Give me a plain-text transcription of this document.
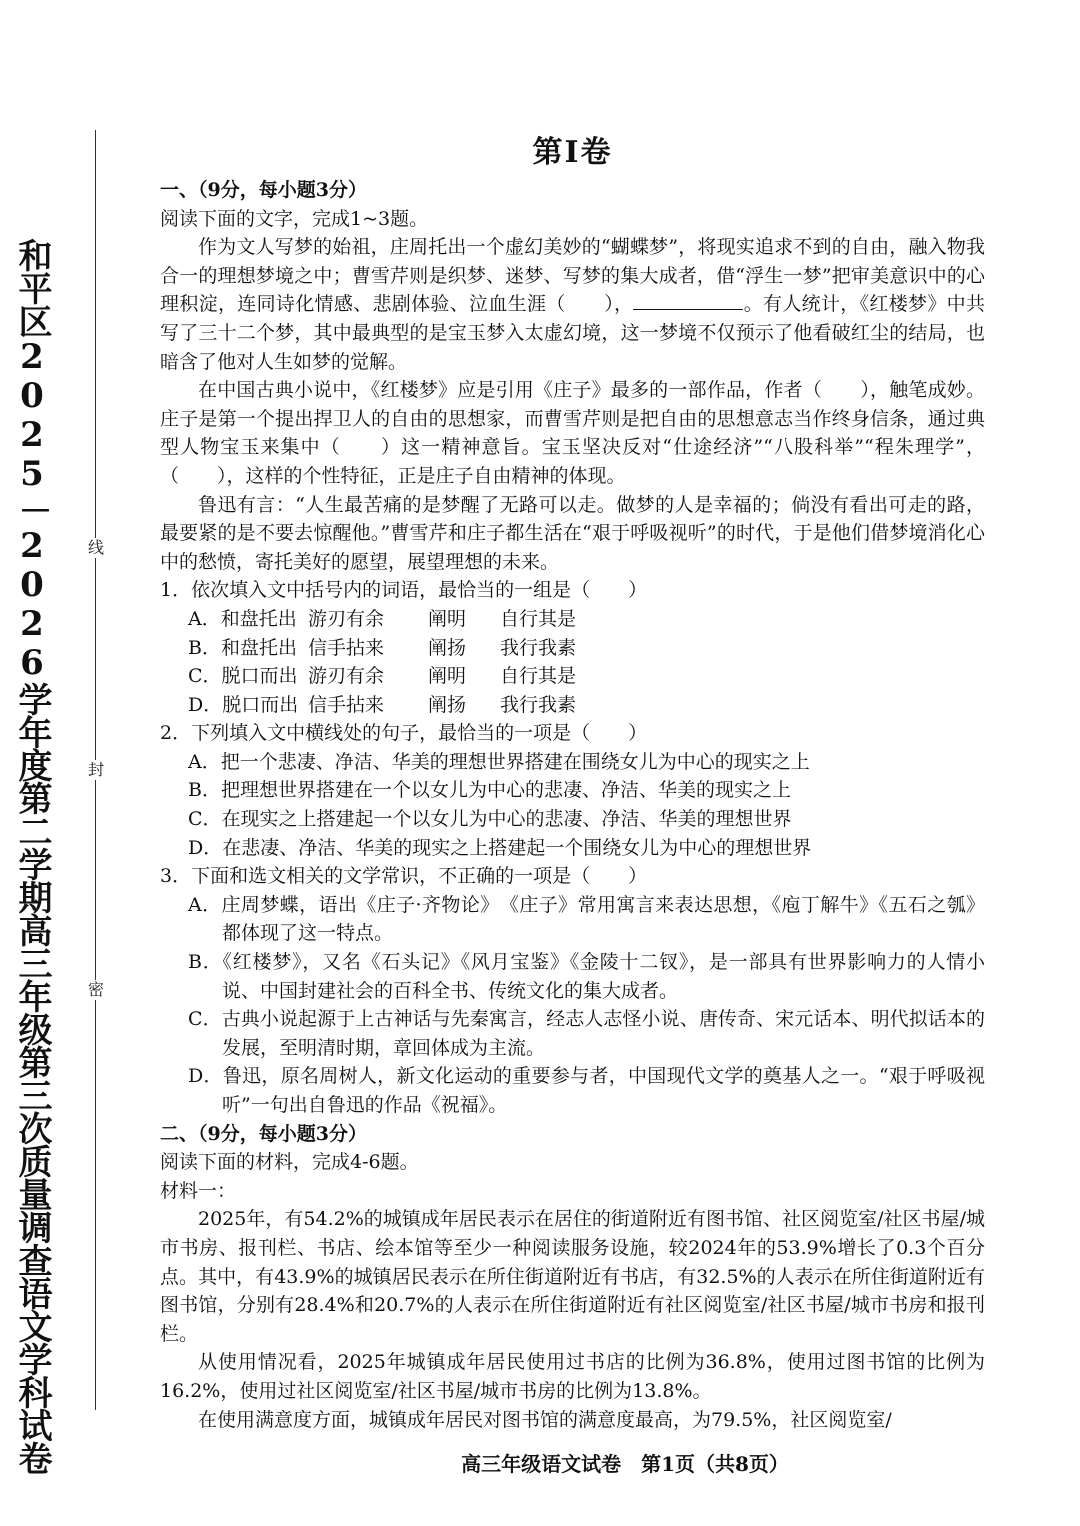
和平区2025－2026学年度第二学期高三年级第三次质量调查语文学科试卷 线
封
密
第Ⅰ卷
一、（9分，每小题3分）

阅读下面的文字，完成1~3题。

作为文人写梦的始祖，庄周托出一个虚幻美妙的“蝴蝶梦”，将现实追求不到的自由，融入物我合一的理想梦境之中；曹雪芹则是织梦、迷梦、写梦的集大成者，借“浮生一梦”把审美意识中的心理积淀，连同诗化情感、悲剧体验、泣血生涯（　　），	。有人统计，《红楼梦》中共写了三十二个梦，其中最典型的是宝玉梦入太虚幻境，这一梦境不仅预示了他看破红尘的结局，也暗含了他对人生如梦的觉解。

在中国古典小说中，《红楼梦》应是引用《庄子》最多的一部作品，作者（　　），触笔成妙。庄子是第一个提出捍卫人的自由的思想家，而曹雪芹则是把自由的思想意志当作终身信条，通过典型人物宝玉来集中（　　）这一精神意旨。宝玉坚决反对“仕途经济”“八股科举”“程朱理学”，（　　），这样的个性特征，正是庄子自由精神的体现。

鲁迅有言：“人生最苦痛的是梦醒了无路可以走。做梦的人是幸福的；倘没有看出可走的路，最要紧的是不要去惊醒他。”曹雪芹和庄子都生活在“艰于呼吸视听”的时代，于是他们借梦境消化心中的愁愤，寄托美好的愿望，展望理想的未来。

1．依次填入文中括号内的词语，最恰当的一组是（　　）
A．和盘托出 游刃有余 阐明 自行其是
B．和盘托出 信手拈来 阐扬 我行我素
C．脱口而出 游刃有余 阐明 自行其是
D．脱口而出 信手拈来 阐扬 我行我素
2．下列填入文中横线处的句子，最恰当的一项是（　　）
A．把一个悲凄、净洁、华美的理想世界搭建在围绕女儿为中心的现实之上
B．把理想世界搭建在一个以女儿为中心的悲凄、净洁、华美的现实之上
C．在现实之上搭建起一个以女儿为中心的悲凄、净洁、华美的理想世界
D．在悲凄、净洁、华美的现实之上搭建起一个围绕女儿为中心的理想世界
3．下面和选文相关的文学常识，不正确的一项是（　　）

A．庄周梦蝶，语出《庄子·齐物论》　《庄子》常用寓言来表达思想，《庖丁解牛》《五石之瓠》都体现了这一特点。

B．《红楼梦》，又名《石头记》《风月宝鉴》《金陵十二钗》，是一部具有世界影响力的人情小说、中国封建社会的百科全书、传统文化的集大成者。

C．古典小说起源于上古神话与先秦寓言，经志人志怪小说、唐传奇、宋元话本、明代拟话本的发展，至明清时期，章回体成为主流。

D．鲁迅，原名周树人，新文化运动的重要参与者，中国现代文学的奠基人之一。“艰于呼吸视听”一句出自鲁迅的作品《祝福》。

二、（9分，每小题3分）

阅读下面的材料，完成4-6题。

材料一：

2025年，有54.2%的城镇成年居民表示在居住的街道附近有图书馆、社区阅览室/社区书屋/城市书房、报刊栏、书店、绘本馆等至少一种阅读服务设施，较2024年的53.9%增长了0.3个百分点。其中，有43.9%的城镇居民表示在所住街道附近有书店，有32.5%的人表示在所住街道附近有图书馆，分别有28.4%和20.7%的人表示在所住街道附近有社区阅览室/社区书屋/城市书房和报刊栏。

从使用情况看，2025年城镇成年居民使用过书店的比例为36.8%，使用过图书馆的比例为16.2%，使用过社区阅览室/社区书屋/城市书房的比例为13.8%。

在使用满意度方面，城镇成年居民对图书馆的满意度最高，为79.5%，社区阅览室/

高三年级语文试卷　第1页（共8页）
